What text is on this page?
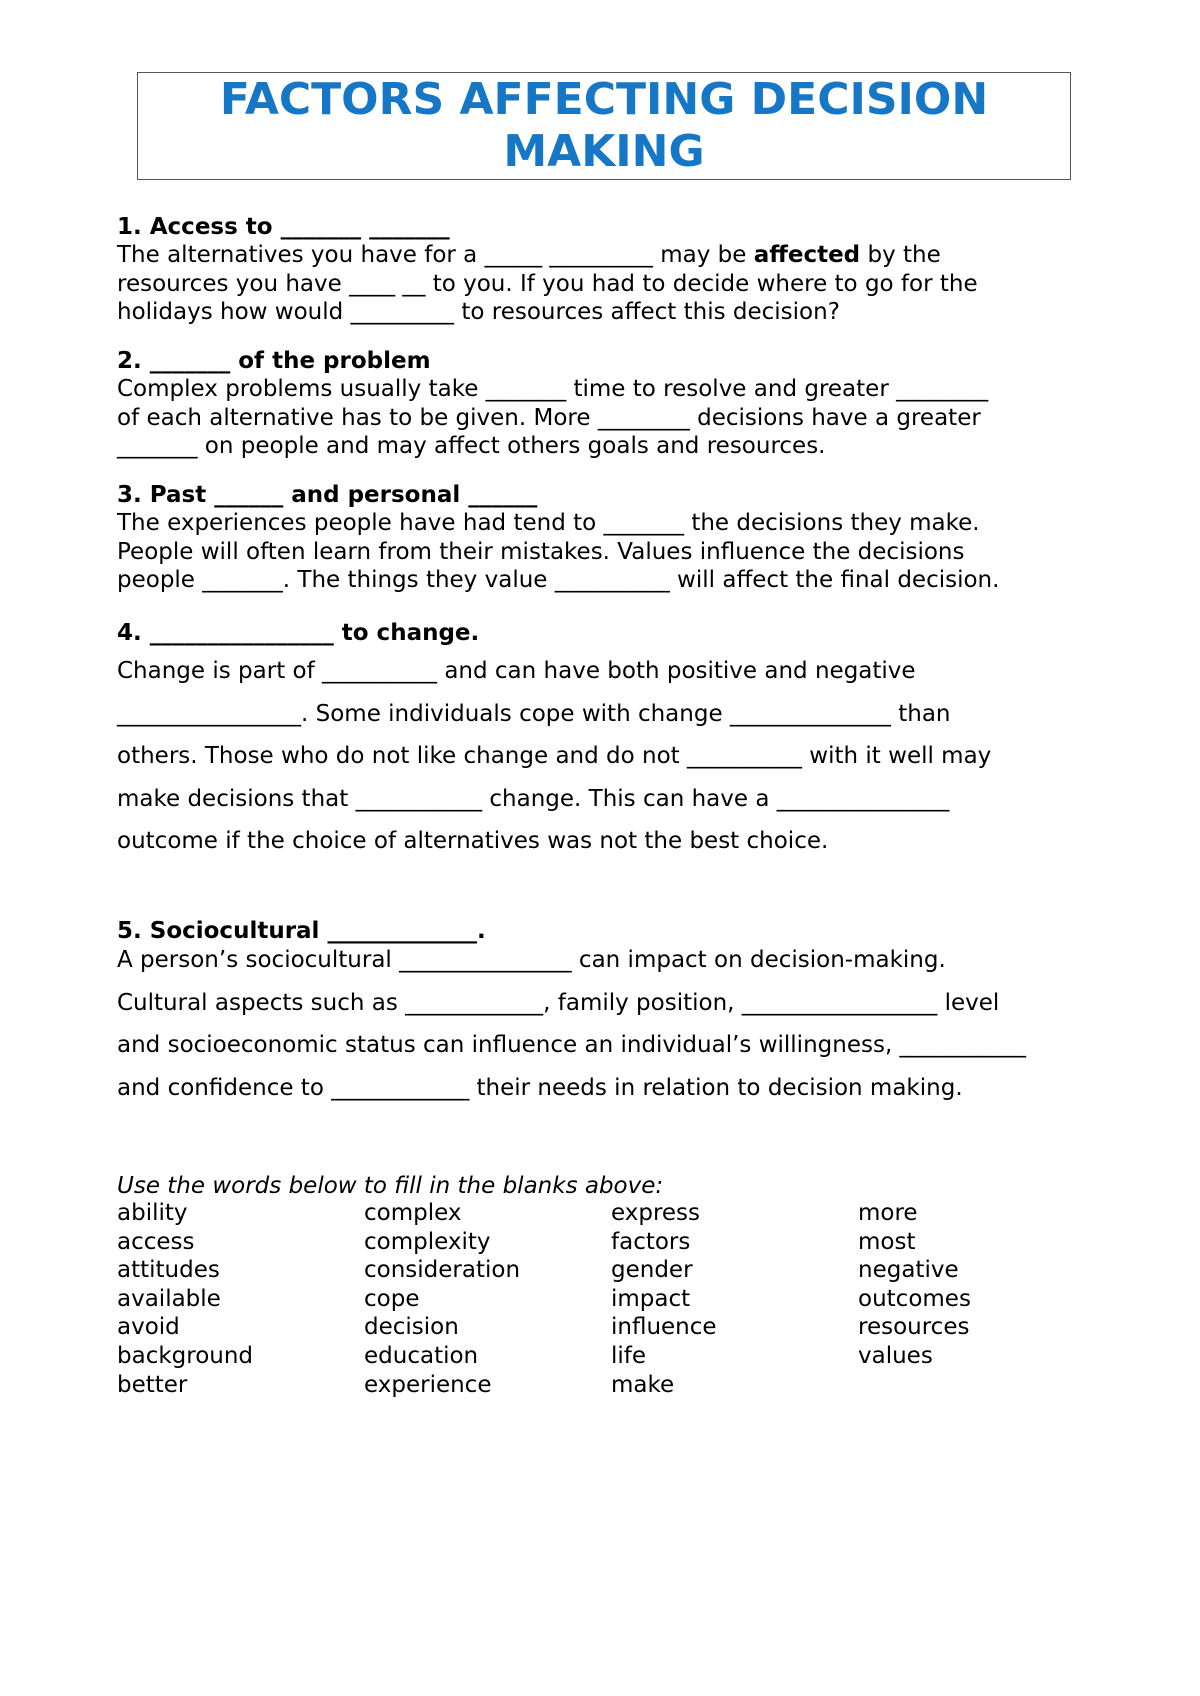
FACTORS AFFECTING DECISION MAKING
1. Access to _______ _______
The alternatives you have for a _____ _________ may be affected by the
resources you have ____ __ to you. If you had to decide where to go for the
holidays how would _________ to resources affect this decision?
2. _______ of the problem
Complex problems usually take _______ time to resolve and greater ________
of each alternative has to be given. More ________ decisions have a greater
_______ on people and may affect others goals and resources.
3. Past ______ and personal ______
The experiences people have had tend to _______ the decisions they make.
People will often learn from their mistakes. Values influence the decisions
people _______. The things they value __________ will affect the final decision.
4. ________________ to change.
Change is part of __________ and can have both positive and negative
________________. Some individuals cope with change ______________ than
others. Those who do not like change and do not __________ with it well may
make decisions that ___________ change. This can have a _______________
outcome if the choice of alternatives was not the best choice.
5. Sociocultural _____________.
A person’s sociocultural _______________ can impact on decision-making.
Cultural aspects such as ____________, family position, _________________ level
and socioeconomic status can influence an individual’s willingness, ___________
and confidence to ____________ their needs in relation to decision making.
Use the words below to fill in the blanks above:
ability
access
attitudes
available
avoid
background
better
complex
complexity
consideration
cope
decision
education
experience
express
factors
gender
impact
influence
life
make
more
most
negative
outcomes
resources
values
